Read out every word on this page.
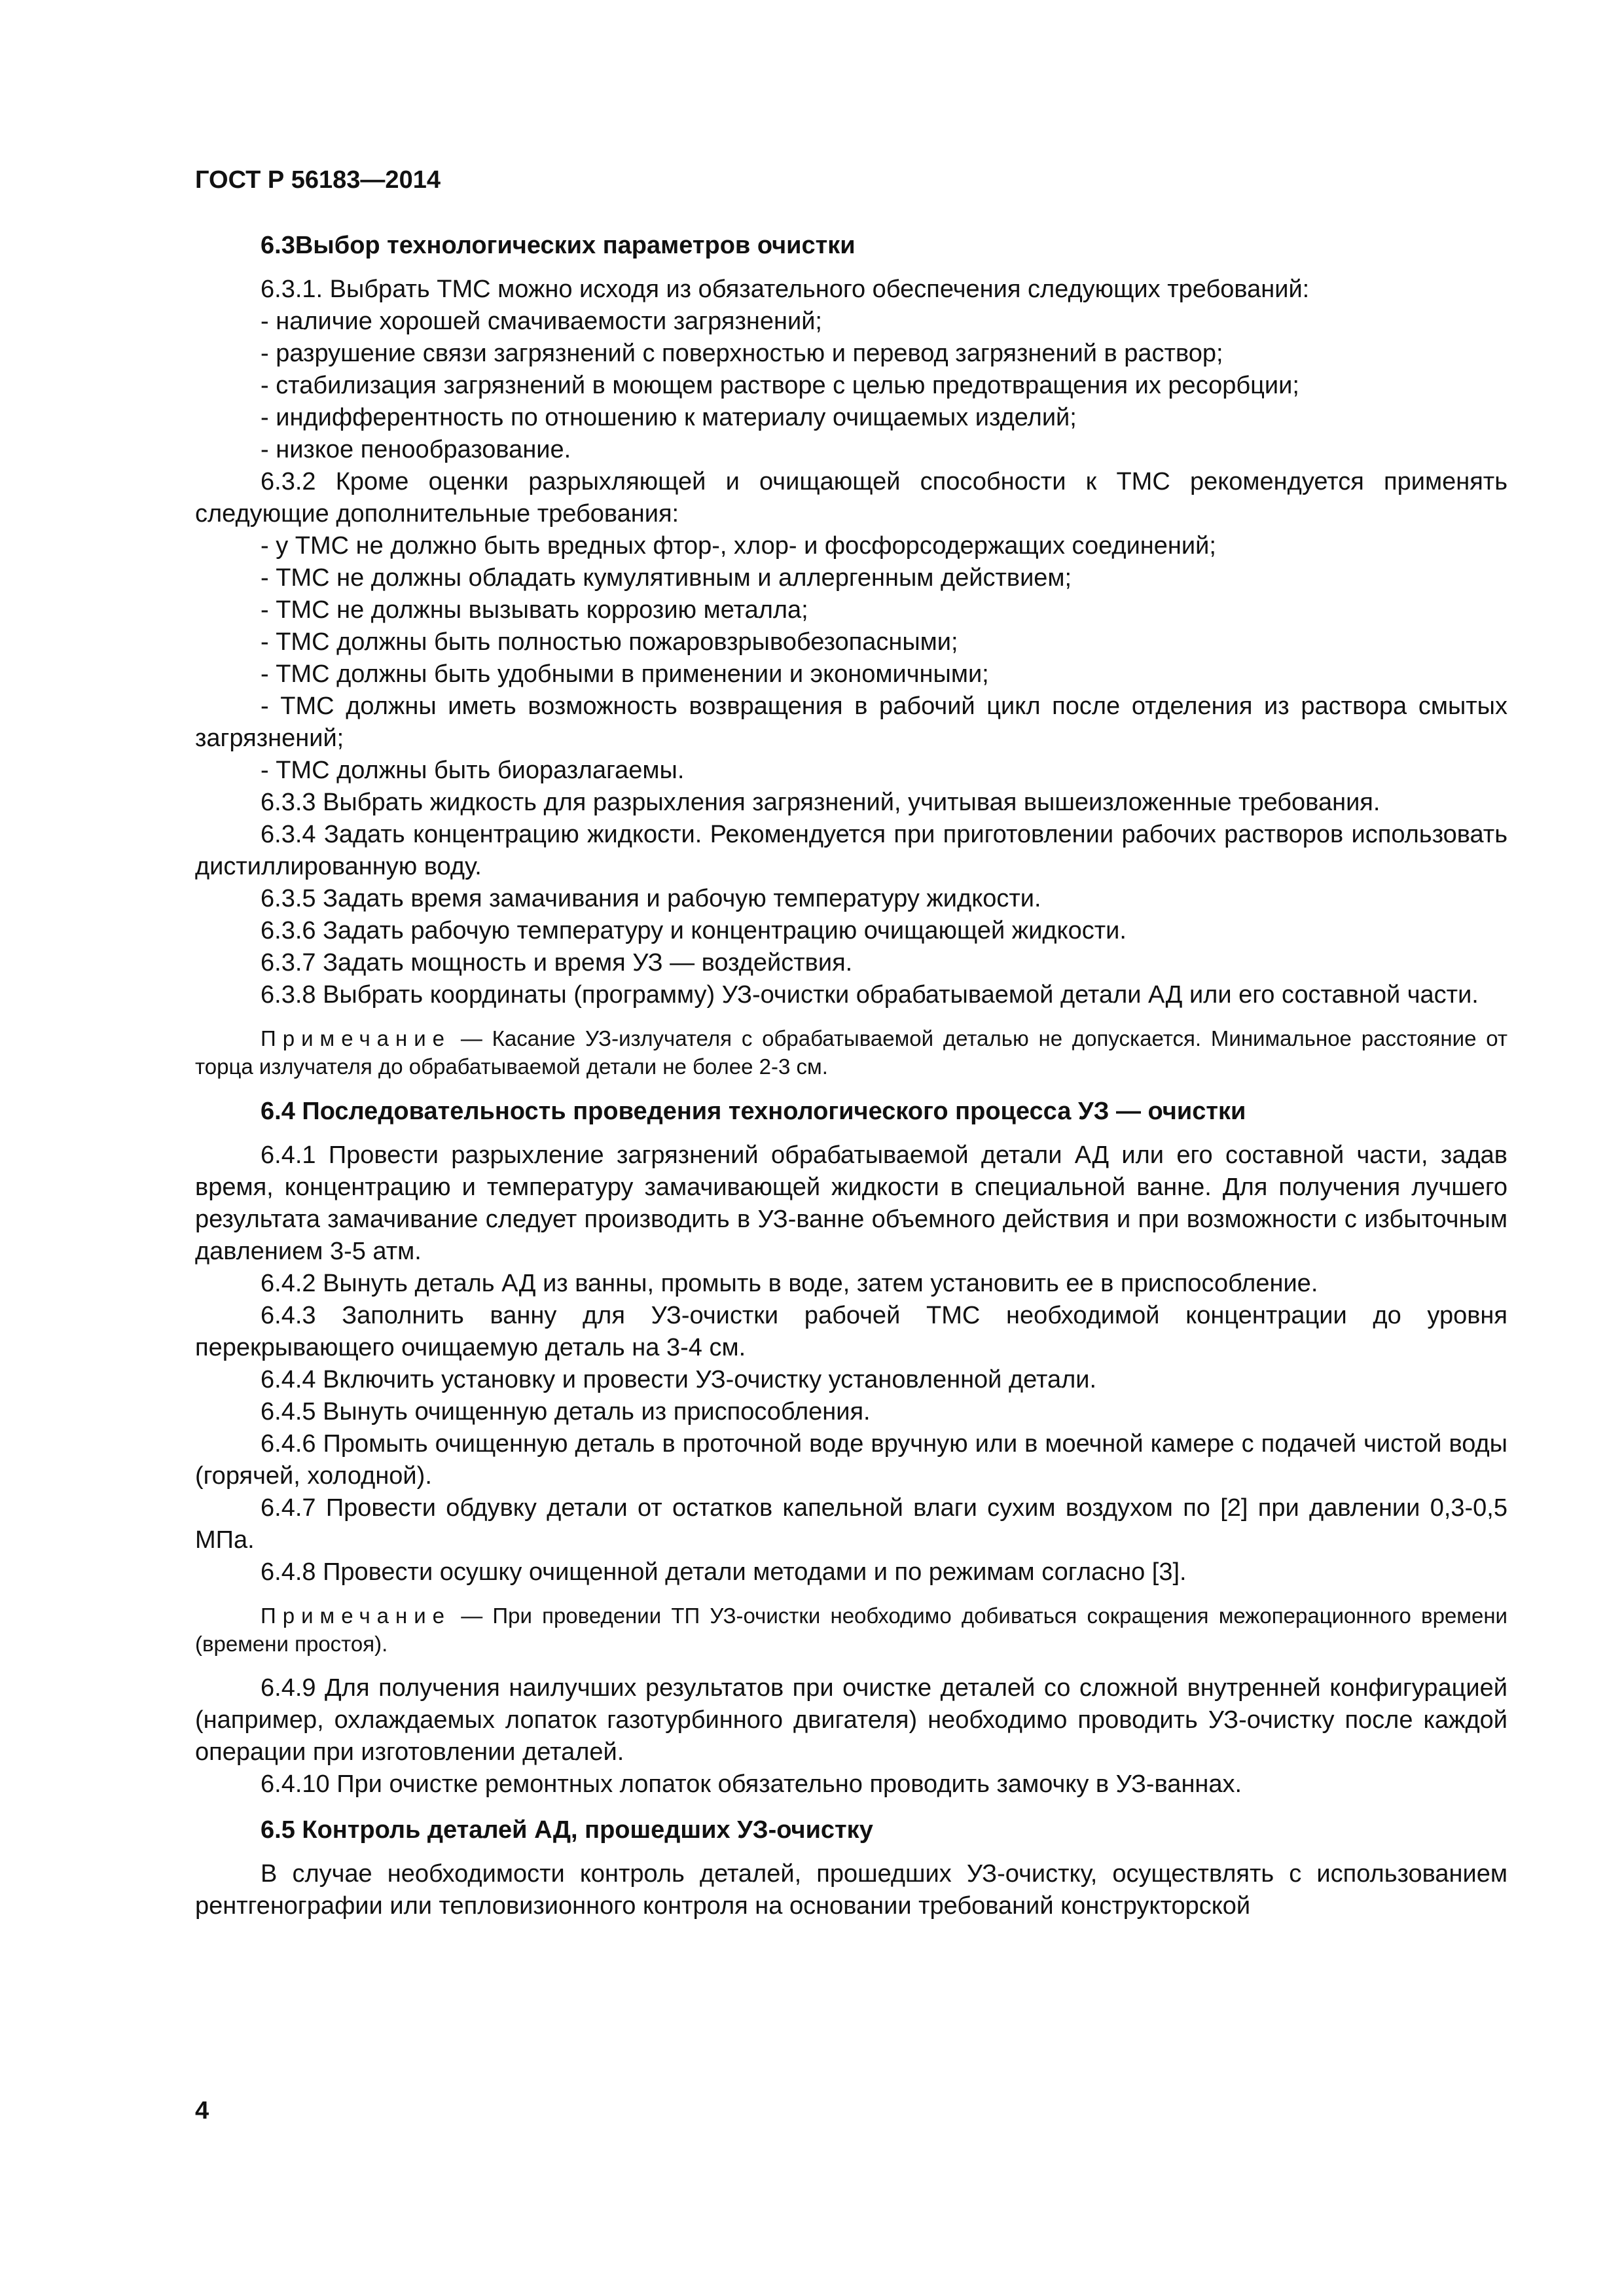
ГОСТ Р 56183—2014
6.3Выбор технологических параметров очистки

6.3.1. Выбрать ТМС можно исходя из обязательного обеспечения следующих требований:

- наличие хорошей смачиваемости загрязнений;

- разрушение связи загрязнений с поверхностью и перевод загрязнений в раствор;

- стабилизация загрязнений в моющем растворе с целью предотвращения их ресорбции;

- индифферентность по отношению к материалу очищаемых изделий;

- низкое пенообразование.

6.3.2 Кроме оценки разрыхляющей и очищающей способности к ТМС рекомендуется применять следующие дополнительные требования:

- у ТМС не должно быть вредных фтор-, хлор- и фосфорсодержащих соединений;

- ТМС не должны обладать кумулятивным и аллергенным действием;

- ТМС не должны вызывать коррозию металла;

- ТМС должны быть полностью пожаровзрывобезопасными;

- ТМС должны быть удобными в применении и экономичными;

- ТМС должны иметь возможность возвращения в рабочий цикл после отделения из раствора смытых загрязнений;

- ТМС должны быть биоразлагаемы.

6.3.3 Выбрать жидкость для разрыхления загрязнений, учитывая вышеизложенные требования.

6.3.4 Задать концентрацию жидкости. Рекомендуется при приготовлении рабочих растворов использовать дистиллированную воду.

6.3.5 Задать время замачивания и рабочую температуру жидкости.

6.3.6 Задать рабочую температуру и концентрацию очищающей жидкости.

6.3.7 Задать мощность и время УЗ — воздействия.

6.3.8 Выбрать координаты (программу) УЗ-очистки обрабатываемой детали АД или его составной части.

Примечание — Касание УЗ-излучателя с обрабатываемой деталью не допускается. Минимальное расстояние от торца излучателя до обрабатываемой детали не более 2-3 см.

6.4 Последовательность проведения технологического процесса УЗ — очистки

6.4.1 Провести разрыхление загрязнений обрабатываемой детали АД или его составной части, задав время, концентрацию и температуру замачивающей жидкости в специальной ванне. Для получения лучшего результата замачивание следует производить в УЗ-ванне объемного действия и при возможности с избыточным давлением 3-5 атм.

6.4.2 Вынуть деталь АД из ванны, промыть в воде, затем установить ее в приспособление.

6.4.3 Заполнить ванну для УЗ-очистки рабочей ТМС необходимой концентрации до уровня перекрывающего очищаемую деталь на 3-4 см.

6.4.4 Включить установку и провести УЗ-очистку установленной детали.

6.4.5 Вынуть очищенную деталь из приспособления.

6.4.6 Промыть очищенную деталь в проточной воде вручную или в моечной камере с подачей чистой воды (горячей, холодной).

6.4.7 Провести обдувку детали от остатков капельной влаги сухим воздухом по [2] при давлении 0,3-0,5 МПа.

6.4.8 Провести осушку очищенной детали методами и по режимам согласно [3].

Примечание — При проведении ТП УЗ-очистки необходимо добиваться сокращения межоперационного времени (времени простоя).

6.4.9 Для получения наилучших результатов при очистке деталей со сложной внутренней конфигурацией (например, охлаждаемых лопаток газотурбинного двигателя) необходимо проводить УЗ-очистку после каждой операции при изготовлении деталей.

6.4.10 При очистке ремонтных лопаток обязательно проводить замочку в УЗ-ваннах.

6.5 Контроль деталей АД, прошедших УЗ-очистку

В случае необходимости контроль деталей, прошедших УЗ-очистку, осуществлять с использованием рентгенографии или тепловизионного контроля на основании требований конструкторской

4
